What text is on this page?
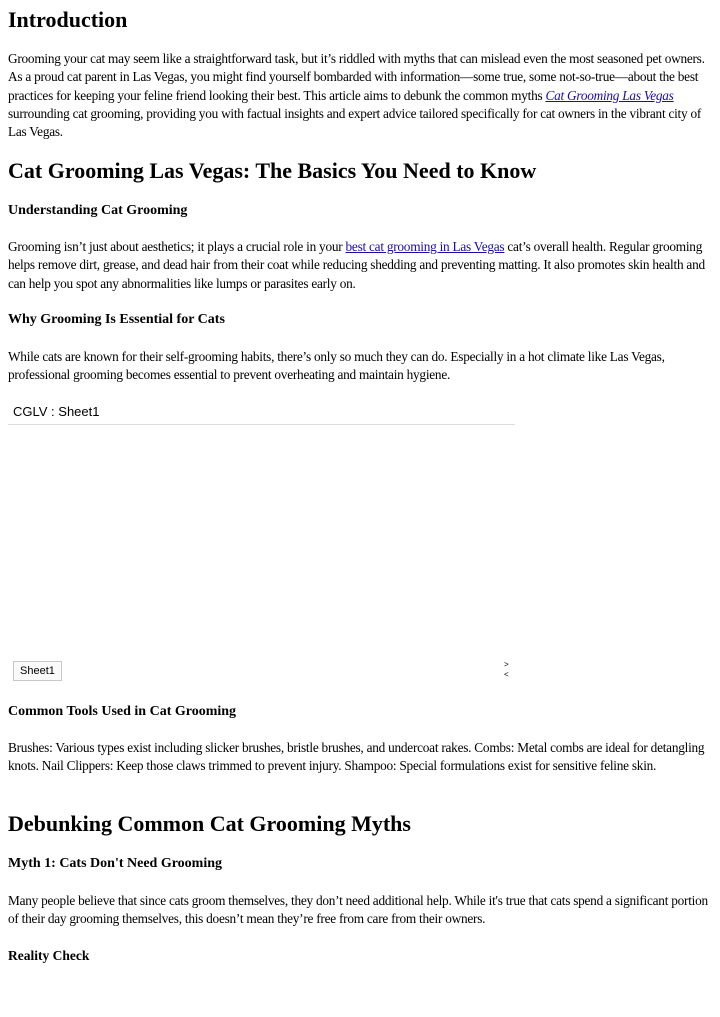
Introduction

Grooming your cat may seem like a straightforward task, but it’s riddled with myths that can mislead even the most seasoned pet owners. As a proud cat parent in Las Vegas, you might find yourself bombarded with information—some true, some not-so-true—about the best practices for keeping your feline friend looking their best. This article aims to debunk the common myths Cat Grooming Las Vegas surrounding cat grooming, providing you with factual insights and expert advice tailored specifically for cat owners in the vibrant city of Las Vegas.

Cat Grooming Las Vegas: The Basics You Need to Know
Understanding Cat Grooming

Grooming isn’t just about aesthetics; it plays a crucial role in your best cat grooming in Las Vegas cat’s overall health. Regular grooming helps remove dirt, grease, and dead hair from their coat while reducing shedding and preventing matting. It also promotes skin health and can help you spot any abnormalities like lumps or parasites early on.

Why Grooming Is Essential for Cats

While cats are known for their self-grooming habits, there’s only so much they can do. Especially in a hot climate like Las Vegas, professional grooming becomes essential to prevent overheating and maintain hygiene.

CGLV : Sheet1
Sheet1
>
<
Common Tools Used in Cat Grooming

Brushes: Various types exist including slicker brushes, bristle brushes, and undercoat rakes. Combs: Metal combs are ideal for detangling knots. Nail Clippers: Keep those claws trimmed to prevent injury. Shampoo: Special formulations exist for sensitive feline skin.

Debunking Common Cat Grooming Myths
Myth 1: Cats Don't Need Grooming

Many people believe that since cats groom themselves, they don’t need additional help. While it's true that cats spend a significant portion of their day grooming themselves, this doesn’t mean they’re free from care from their owners.

Reality Check
